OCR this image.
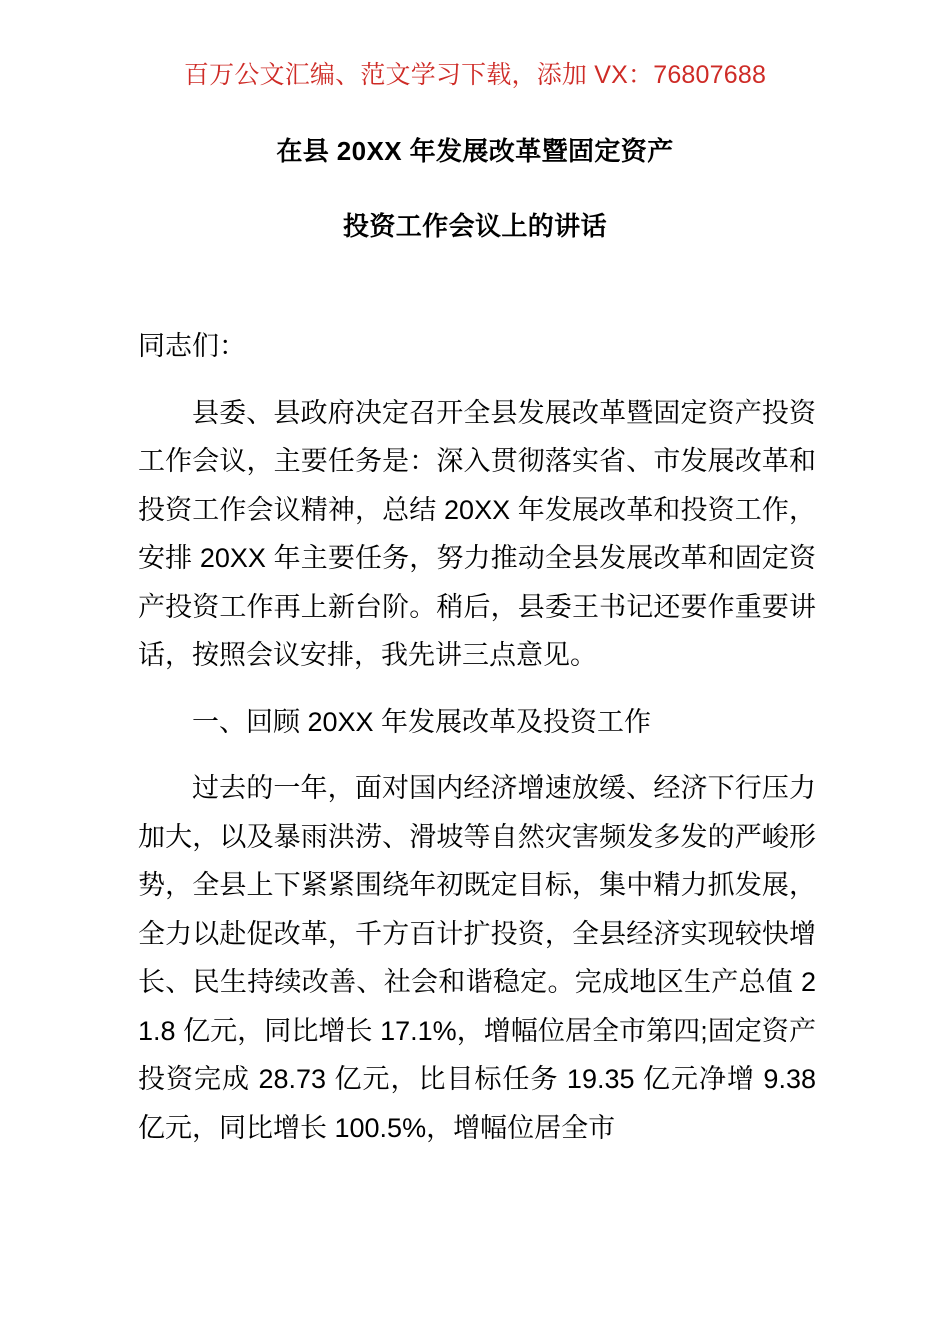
百万公文汇编、范文学习下载，添加 VX：76807688
在县 20XX 年发展改革暨固定资产
投资工作会议上的讲话

同志们：

县委、县政府决定召开全县发展改革暨固定资产投资工作会议，主要任务是：深入贯彻落实省、市发展改革和投资工作会议精神，总结 20XX 年发展改革和投资工作，安排 20XX 年主要任务，努力推动全县发展改革和固定资产投资工作再上新台阶。稍后，县委王书记还要作重要讲话，按照会议安排，我先讲三点意见。

一、回顾 20XX 年发展改革及投资工作

过去的一年，面对国内经济增速放缓、经济下行压力加大，以及暴雨洪涝、滑坡等自然灾害频发多发的严峻形势，全县上下紧紧围绕年初既定目标，集中精力抓发展，全力以赴促改革，千方百计扩投资，全县经济实现较快增长、民生持续改善、社会和谐稳定。完成地区生产总值 21.8 亿元，同比增长 17.1%，增幅位居全市第四;固定资产投资完成 28.73 亿元，比目标任务 19.35 亿元净增 9.38 亿元，同比增长 100.5%，增幅位居全市
